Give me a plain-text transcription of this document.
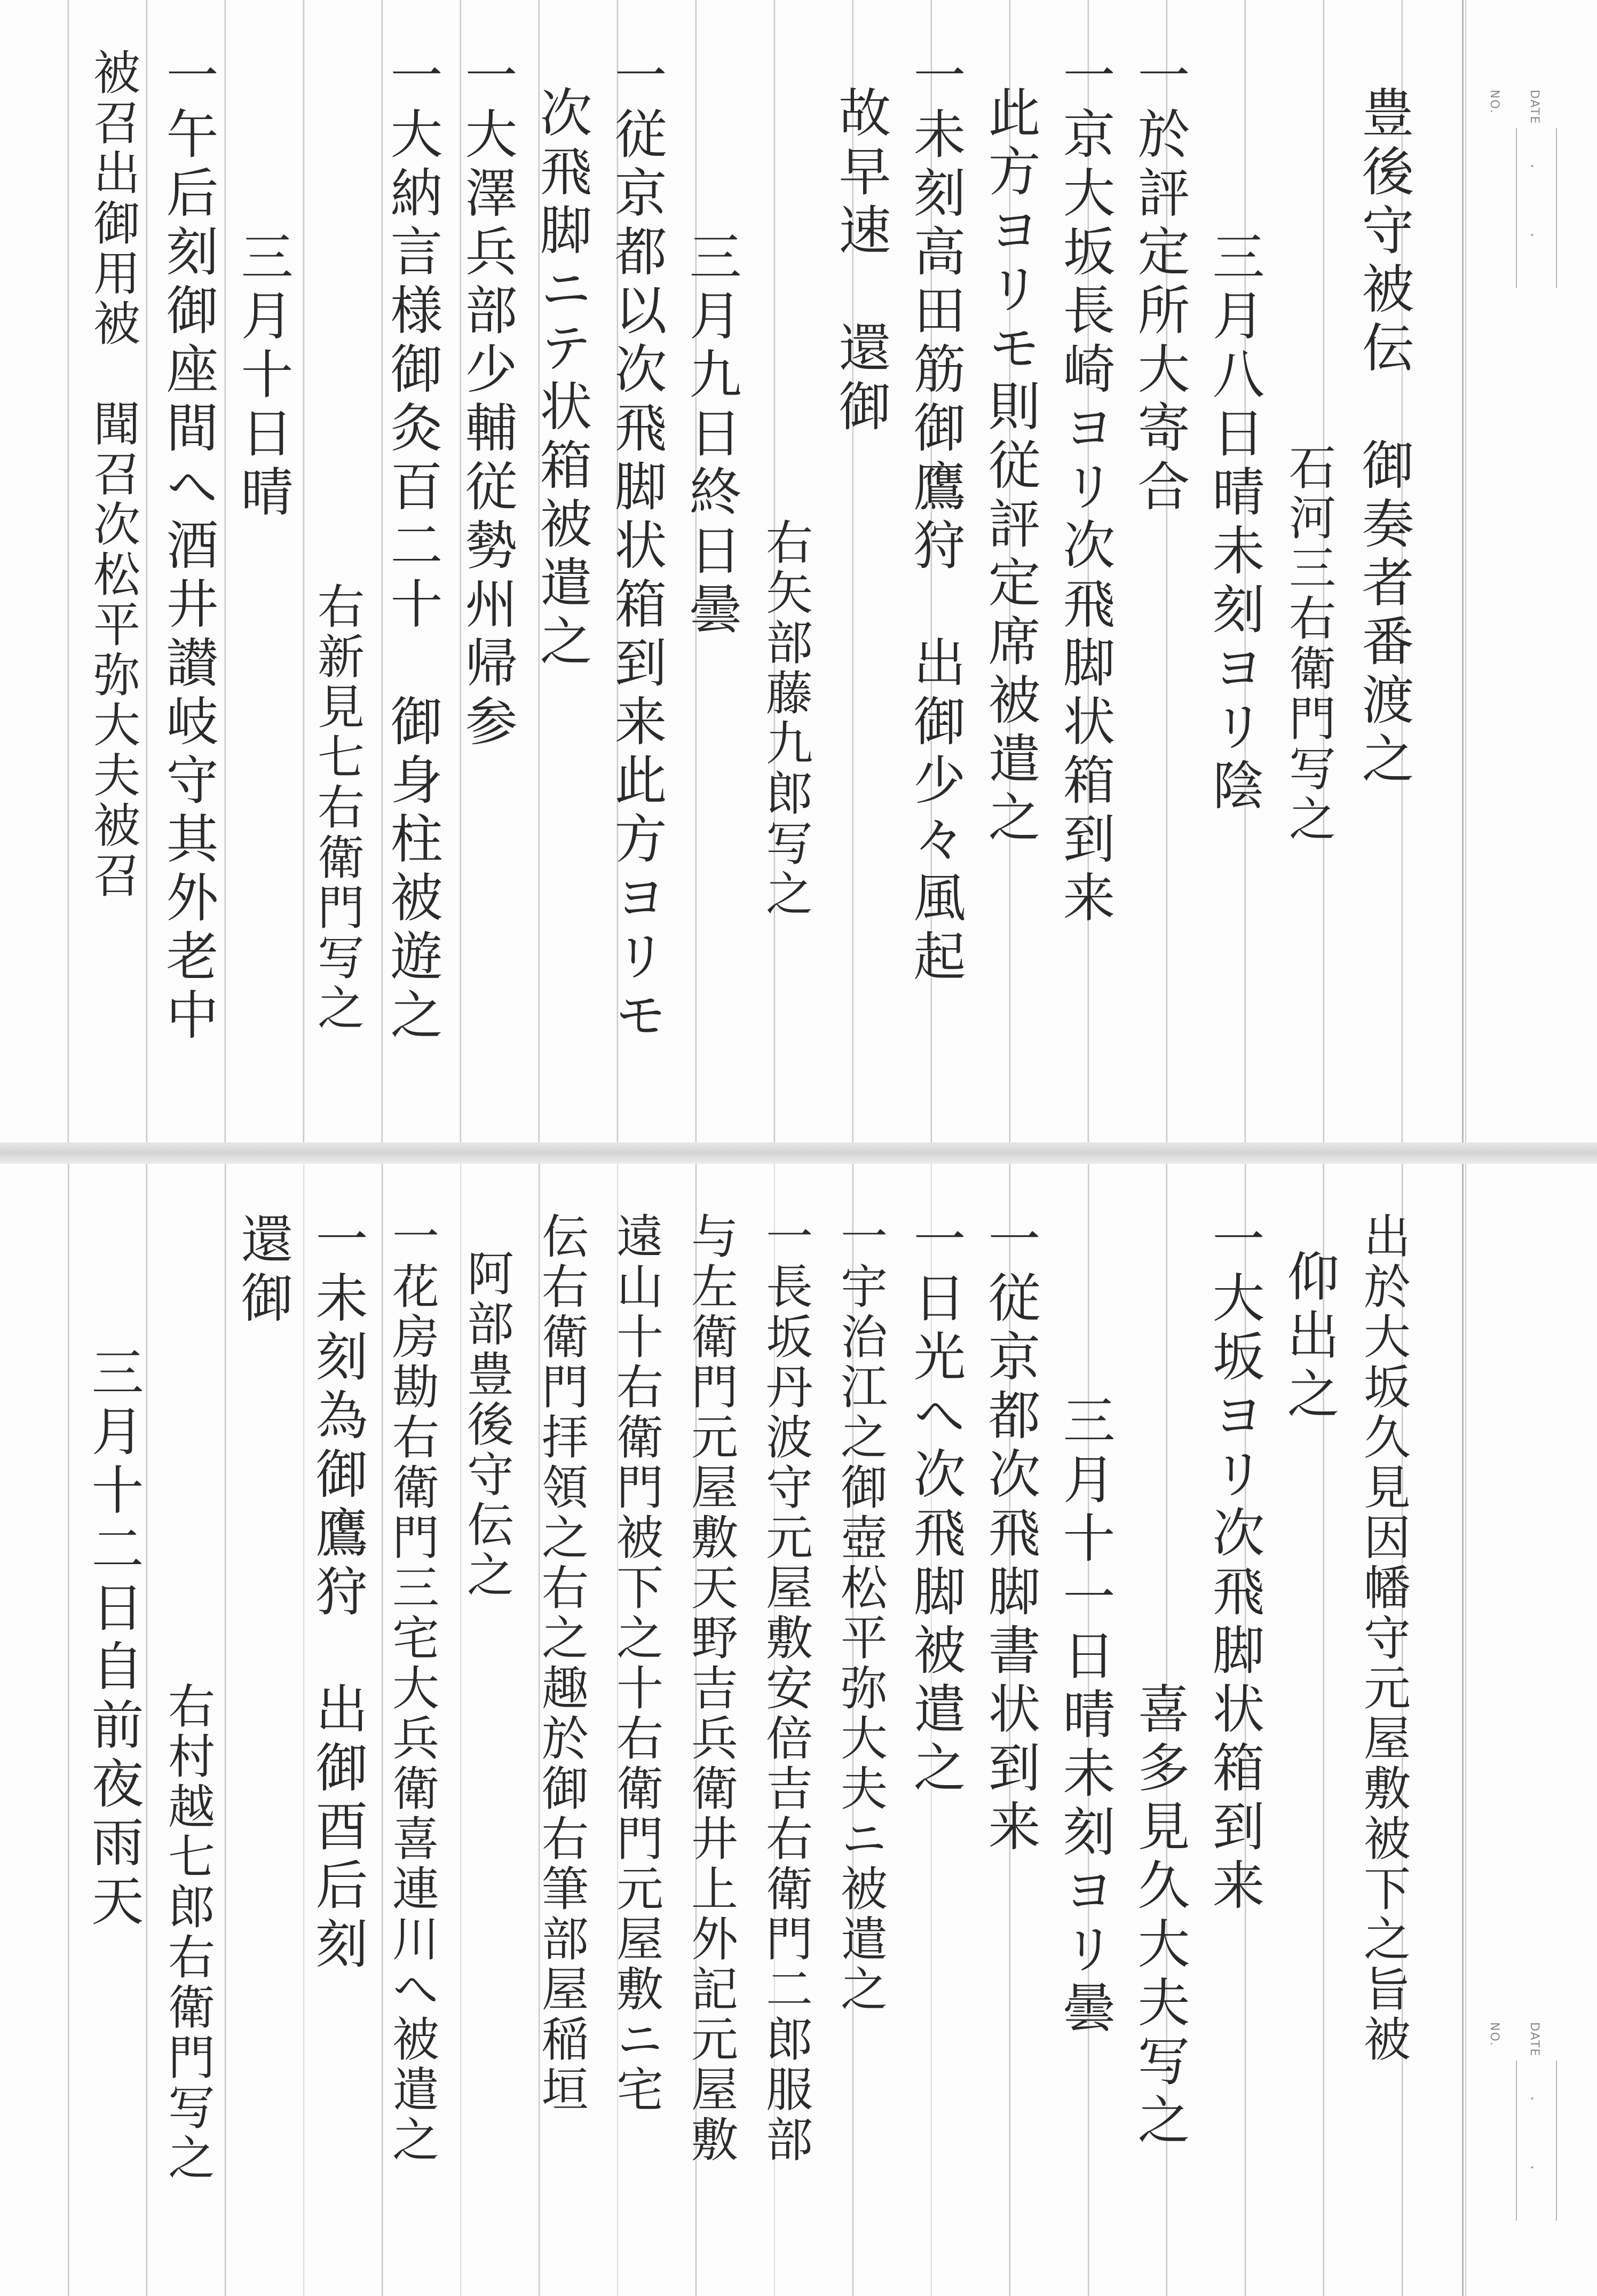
NO. DATE
・ ・
豊後守被伝　御奏者番渡之
石河三右衛門写之
三月八日晴未刻ヨリ陰
一於評定所大寄合
一京大坂長崎ヨリ次飛脚状箱到来
此方ヨリモ則従評定席被遣之
一未刻高田筋御鷹狩　出御少々風起
故早速　還御
右矢部藤九郎写之
三月九日終日曇
一従京都以次飛脚状箱到来此方ヨリモ
次飛脚ニテ状箱被遣之
一大澤兵部少輔従勢州帰参
一大納言様御灸百二十　御身柱被遊之
右新見七右衛門写之
三月十日晴
一午后刻御座間へ酒井讃岐守其外老中
被召出御用被　聞召次松平弥大夫被召
NO. DATE
・ ・
出於大坂久見因幡守元屋敷被下之旨被
仰出之
一大坂ヨリ次飛脚状箱到来
喜多見久大夫写之
三月十一日晴未刻ヨリ曇
一従京都次飛脚書状到来
一日光へ次飛脚被遣之
一宇治江之御壺松平弥大夫ニ被遣之
一長坂丹波守元屋敷安倍吉右衛門二郎服部
与左衛門元屋敷天野吉兵衛井上外記元屋敷
遠山十右衛門被下之十右衛門元屋敷ニ宅
伝右衛門拝領之右之趣於御右筆部屋稲垣
阿部豊後守伝之
一花房勘右衛門三宅大兵衛喜連川へ被遣之
一未刻為御鷹狩　出御酉后刻
還御
右村越七郎右衛門写之
三月十二日自前夜雨天
